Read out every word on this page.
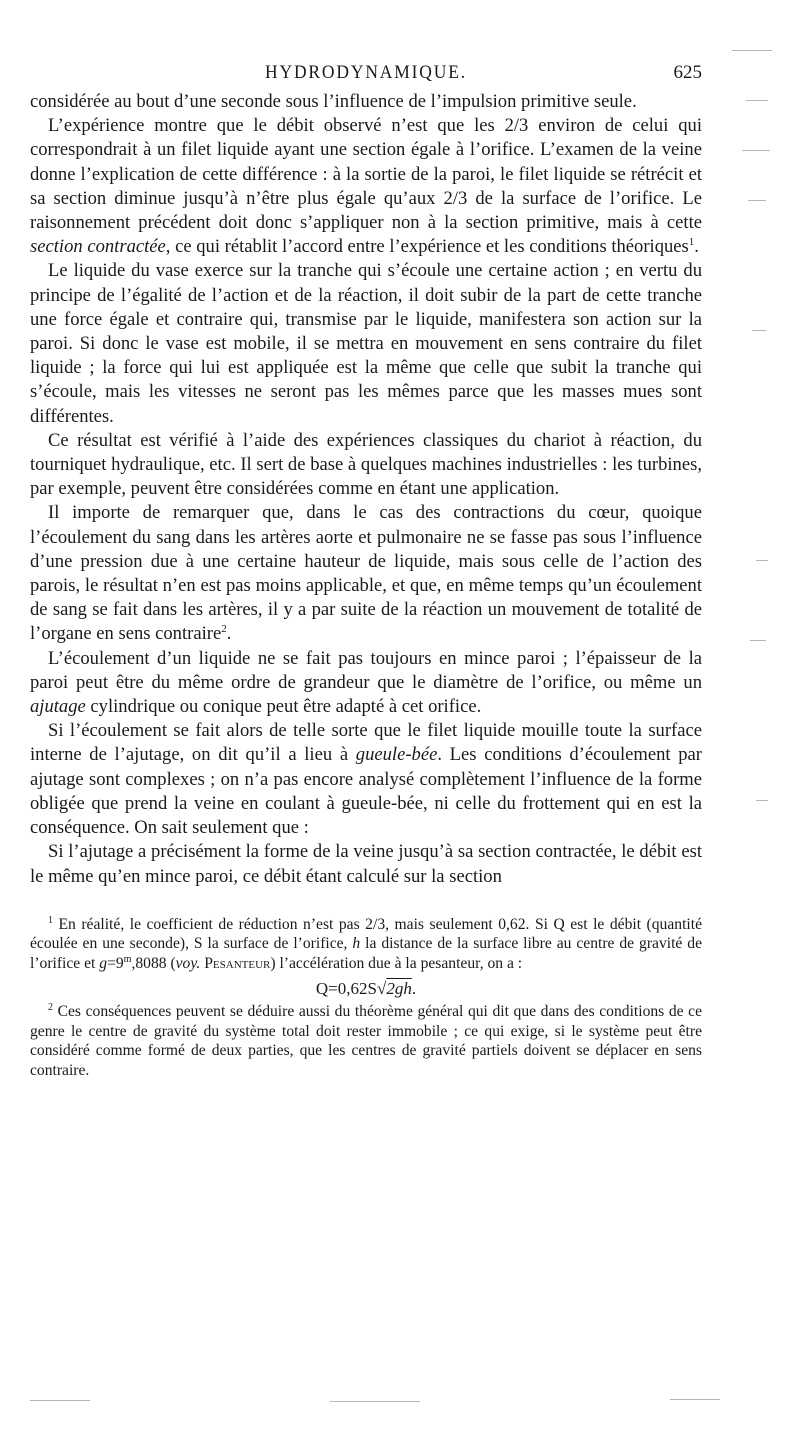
HYDRODYNAMIQUE.	625

considérée au bout d’une seconde sous l’influence de l’impulsion primitive seule.

L’expérience montre que le débit observé n’est que les 2/3 environ de celui qui correspondrait à un filet liquide ayant une section égale à l’orifice. L’examen de la veine donne l’explication de cette différence : à la sortie de la paroi, le filet liquide se rétrécit et sa section diminue jusqu’à n’être plus égale qu’aux 2/3 de la surface de l’orifice. Le raisonnement précédent doit donc s’appliquer non à la section primitive, mais à cette section contractée, ce qui rétablit l’accord entre l’expérience et les conditions théoriques$^1$.

Le liquide du vase exerce sur la tranche qui s’écoule une certaine action ; en vertu du principe de l’égalité de l’action et de la réaction, il doit subir de la part de cette tranche une force égale et contraire qui, transmise par le liquide, manifestera son action sur la paroi. Si donc le vase est mobile, il se mettra en mouvement en sens contraire du filet liquide ; la force qui lui est appliquée est la même que celle que subit la tranche qui s’écoule, mais les vitesses ne seront pas les mêmes parce que les masses mues sont différentes.

Ce résultat est vérifié à l’aide des expériences classiques du chariot à réaction, du tourniquet hydraulique, etc. Il sert de base à quelques machines industrielles : les turbines, par exemple, peuvent être considérées comme en étant une application.

Il importe de remarquer que, dans le cas des contractions du cœur, quoique l’écoulement du sang dans les artères aorte et pulmonaire ne se fasse pas sous l’influence d’une pression due à une certaine hauteur de liquide, mais sous celle de l’action des parois, le résultat n’en est pas moins applicable, et que, en même temps qu’un écoulement de sang se fait dans les artères, il y a par suite de la réaction un mouvement de totalité de l’organe en sens contraire$^2$.

L’écoulement d’un liquide ne se fait pas toujours en mince paroi ; l’épaisseur de la paroi peut être du même ordre de grandeur que le diamètre de l’orifice, ou même un ajutage cylindrique ou conique peut être adapté à cet orifice.

Si l’écoulement se fait alors de telle sorte que le filet liquide mouille toute la surface interne de l’ajutage, on dit qu’il a lieu à gueule-bée. Les conditions d’écoulement par ajutage sont complexes ; on n’a pas encore analysé complètement l’influence de la forme obligée que prend la veine en coulant à gueule-bée, ni celle du frottement qui en est la conséquence. On sait seulement que :

Si l’ajutage a précisément la forme de la veine jusqu’à sa section contractée, le débit est le même qu’en mince paroi, ce débit étant calculé sur la section

$^1$ En réalité, le coefficient de réduction n’est pas 2/3, mais seulement 0,62. Si Q est le débit (quantité écoulée en une seconde), S la surface de l’orifice, h la distance de la surface libre au centre de gravité de l’orifice et $g=9^m,8088$ (voy. Pesanteur) l’accélération due à la pesanteur, on a :

Q=0,62S√2gh.

$^2$ Ces conséquences peuvent se déduire aussi du théorème général qui dit que dans des conditions de ce genre le centre de gravité du système total doit rester immobile ; ce qui exige, si le système peut être considéré comme formé de deux parties, que les centres de gravité partiels doivent se déplacer en sens contraire.
